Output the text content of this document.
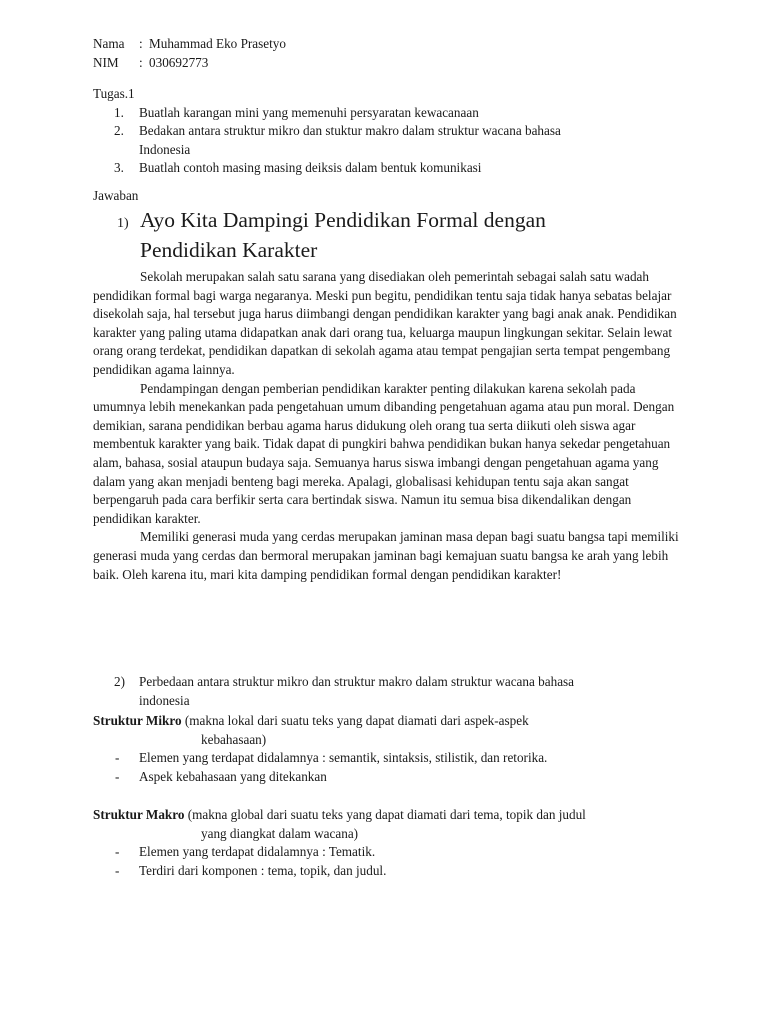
Nama	: Muhammad Eko Prasetyo
NIM	: 030692773
Tugas.1
1. Buatlah karangan mini yang memenuhi persyaratan kewacanaan
2. Bedakan antara struktur mikro dan stuktur makro dalam struktur wacana bahasa
Indonesia
3. Buatlah contoh masing masing deiksis dalam bentuk komunikasi
Jawaban
1) Ayo Kita Dampingi Pendidikan Formal dengan
Pendidikan Karakter

Sekolah merupakan salah satu sarana yang disediakan oleh pemerintah sebagai salah satu wadah pendidikan formal bagi warga negaranya. Meski pun begitu, pendidikan tentu saja tidak hanya sebatas belajar disekolah saja, hal tersebut juga harus diimbangi dengan pendidikan karakter yang bagi anak anak. Pendidikan karakter yang paling utama didapatkan anak dari orang tua, keluarga maupun lingkungan sekitar. Selain lewat orang orang terdekat, pendidikan dapatkan di sekolah agama atau tempat pengajian serta tempat pengembang pendidikan agama lainnya.

Pendampingan dengan pemberian pendidikan karakter penting dilakukan karena sekolah pada umumnya lebih menekankan pada pengetahuan umum dibanding pengetahuan agama atau pun moral. Dengan demikian, sarana pendidikan berbau agama harus didukung oleh orang tua serta diikuti oleh siswa agar membentuk karakter yang baik. Tidak dapat di pungkiri bahwa pendidikan bukan hanya sekedar pengetahuan alam, bahasa, sosial ataupun budaya saja. Semuanya harus siswa imbangi dengan pengetahuan agama yang dalam yang akan menjadi benteng bagi mereka. Apalagi, globalisasi kehidupan tentu saja akan sangat berpengaruh pada cara berfikir serta cara bertindak siswa. Namun itu semua bisa dikendalikan dengan pendidikan karakter.

Memiliki generasi muda yang cerdas merupakan jaminan masa depan bagi suatu bangsa tapi memiliki generasi muda yang cerdas dan bermoral merupakan jaminan bagi kemajuan suatu bangsa ke arah yang lebih baik. Oleh karena itu, mari kita damping pendidikan formal dengan pendidikan karakter!

2) Perbedaan antara struktur mikro dan struktur makro dalam struktur wacana bahasa
indonesia
Struktur Mikro (makna lokal dari suatu teks yang dapat diamati dari aspek-aspek
kebahasaan)
- Elemen yang terdapat didalamnya : semantik, sintaksis, stilistik, dan retorika.
- Aspek kebahasaan yang ditekankan
Struktur Makro (makna global dari suatu teks yang dapat diamati dari tema, topik dan judul
yang diangkat dalam wacana)
- Elemen yang terdapat didalamnya : Tematik.
- Terdiri dari komponen : tema, topik, dan judul.
